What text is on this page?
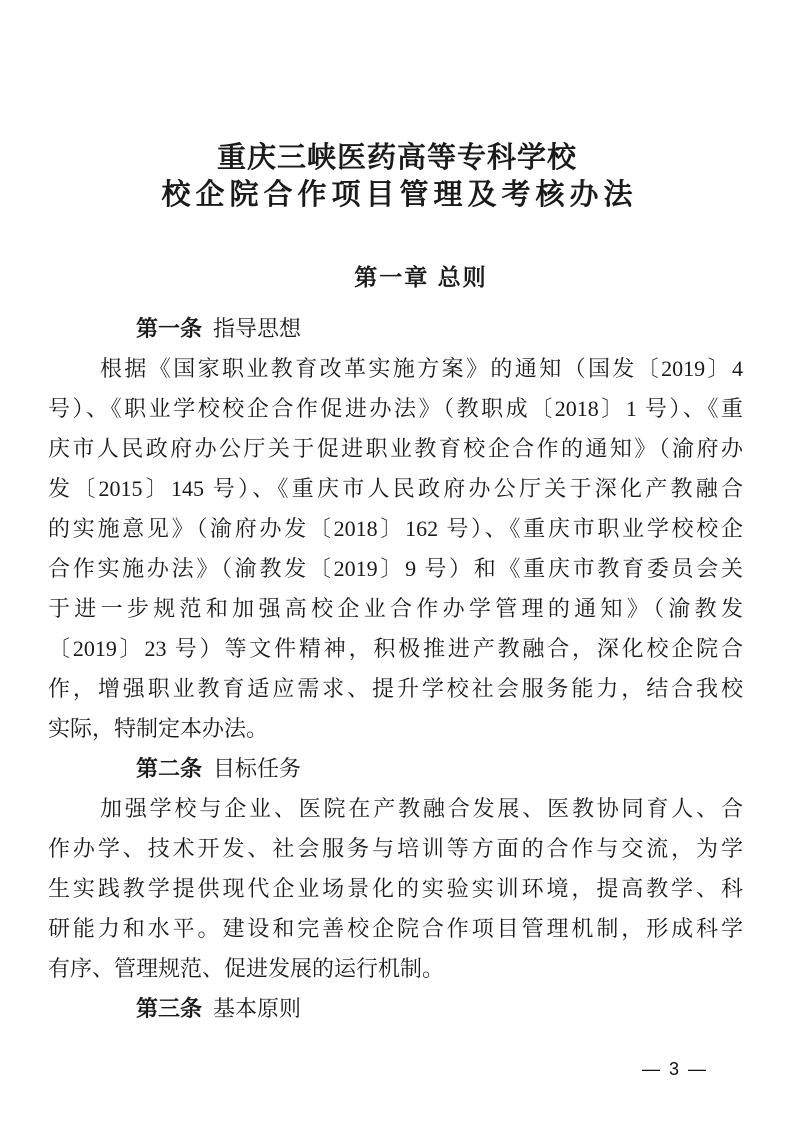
重庆三峡医药高等专科学校
校企院合作项目管理及考核办法
第一章 总则
第一条 指导思想
根据《国家职业教育改革实施方案》的通知（国发〔2019〕4
号）、《职业学校校企合作促进办法》（教职成〔2018〕1 号）、《重
庆市人民政府办公厅关于促进职业教育校企合作的通知》（渝府办
发〔2015〕145 号）、《重庆市人民政府办公厅关于深化产教融合
的实施意见》（渝府办发〔2018〕162 号）、《重庆市职业学校校企
合作实施办法》（渝教发〔2019〕9 号）和《重庆市教育委员会关
于进一步规范和加强高校企业合作办学管理的通知》（渝教发
〔2019〕23 号）等文件精神，积极推进产教融合，深化校企院合
作，增强职业教育适应需求、提升学校社会服务能力，结合我校
实际，特制定本办法。
第二条 目标任务
加强学校与企业、医院在产教融合发展、医教协同育人、合
作办学、技术开发、社会服务与培训等方面的合作与交流，为学
生实践教学提供现代企业场景化的实验实训环境，提高教学、科
研能力和水平。建设和完善校企院合作项目管理机制，形成科学
有序、管理规范、促进发展的运行机制。
第三条 基本原则
— 3 —
